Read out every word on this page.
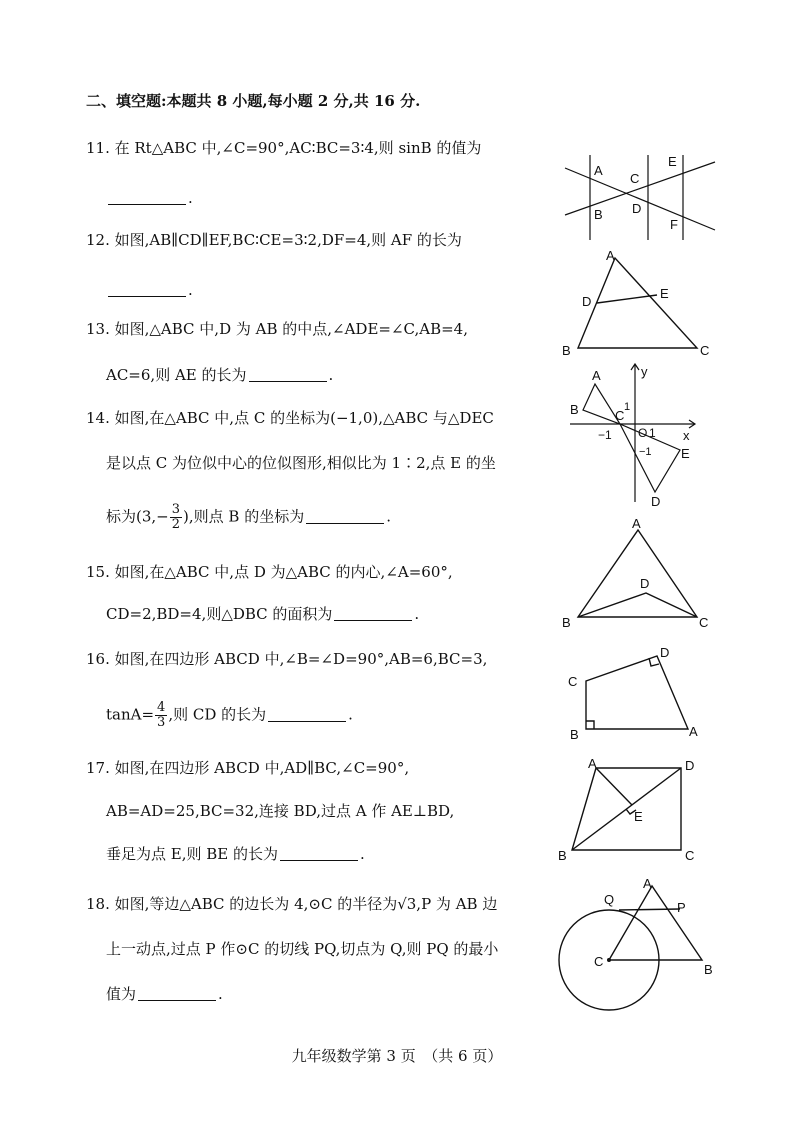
二、填空题:本题共 8 小题,每小题 2 分,共 16 分.
11. 在 Rt△ABC 中,∠C=90°,AC∶BC=3∶4,则 sinB 的值为
.
12. 如图,AB∥CD∥EF,BC∶CE=3∶2,DF=4,则 AF 的长为
.
13. 如图,△ABC 中,D 为 AB 的中点,∠ADE=∠C,AB=4,
AC=6,则 AE 的长为	.
14. 如图,在△ABC 中,点 C 的坐标为(−1,0),△ABC 与△DEC
是以点 C 为位似中心的位似图形,相似比为 1∶2,点 E 的坐
标为($3,- \frac{3}{2}$ ),则点 B 的坐标为	.
15. 如图,在△ABC 中,点 D 为△ABC 的内心,∠A=60°,
CD=2,BD=4,则△DBC 的面积为	.
16. 如图,在四边形 ABCD 中,∠B=∠D=90°,AB=6,BC=3,
$\tan A= \frac{4}{3}$ ,则 CD 的长为	.
17. 如图,在四边形 ABCD 中,AD∥BC,∠C=90°,
AB=AD=25,BC=32,连接 BD,过点 A 作 AE⊥BD,
垂足为点 E,则 BE 的长为	.
18. 如图,等边△ABC 的边长为 4,⊙C 的半径为√3,P 为 AB 边
上一动点,过点 P 作⊙C 的切线 PQ,切点为 Q,则 PQ 的最小
值为	.
A
C
E
B D
F
A
D
E
B	C
A
B	C
y
1
−1 O 1 x
−1 E
D
A
D
B	C
D
C
B	A
A	D
E
B	C
A
Q
P
C
B
九年级数学第 3 页　（共 6 页）
